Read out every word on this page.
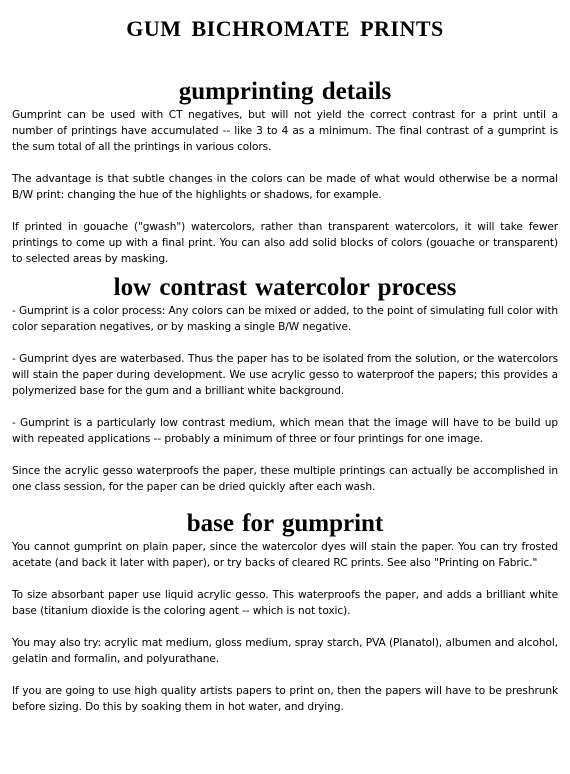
GUM BICHROMATE PRINTS
gumprinting details

Gumprint can be used with CT negatives, but will not yield the correct contrast for a print until a number of printings have accumulated -- like 3 to 4 as a minimum. The final contrast of a gumprint is the sum total of all the printings in various colors.

The advantage is that subtle changes in the colors can be made of what would otherwise be a normal B/W print: changing the hue of the highlights or shadows, for example.

If printed in gouache ("gwash") watercolors, rather than transparent watercolors, it will take fewer printings to come up with a final print. You can also add solid blocks of colors (gouache or transparent) to selected areas by masking.

low contrast watercolor process

- Gumprint is a color process: Any colors can be mixed or added, to the point of simulating full color with color separation negatives, or by masking a single B/W negative.

- Gumprint dyes are waterbased. Thus the paper has to be isolated from the solution, or the watercolors will stain the paper during development. We use acrylic gesso to waterproof the papers; this provides a polymerized base for the gum and a brilliant white background.

- Gumprint is a particularly low contrast medium, which mean that the image will have to be build up with repeated applications -- probably a minimum of three or four printings for one image.

Since the acrylic gesso waterproofs the paper, these multiple printings can actually be accomplished in one class session, for the paper can be dried quickly after each wash.

base for gumprint

You cannot gumprint on plain paper, since the watercolor dyes will stain the paper. You can try frosted acetate (and back it later with paper), or try backs of cleared RC prints. See also "Printing on Fabric."

To size absorbant paper use liquid acrylic gesso. This waterproofs the paper, and adds a brilliant white base (titanium dioxide is the coloring agent -- which is not toxic).

You may also try: acrylic mat medium, gloss medium, spray starch, PVA (Planatol), albumen and alcohol, gelatin and formalin, and polyurathane.

If you are going to use high quality artists papers to print on, then the papers will have to be preshrunk before sizing. Do this by soaking them in hot water, and drying.
